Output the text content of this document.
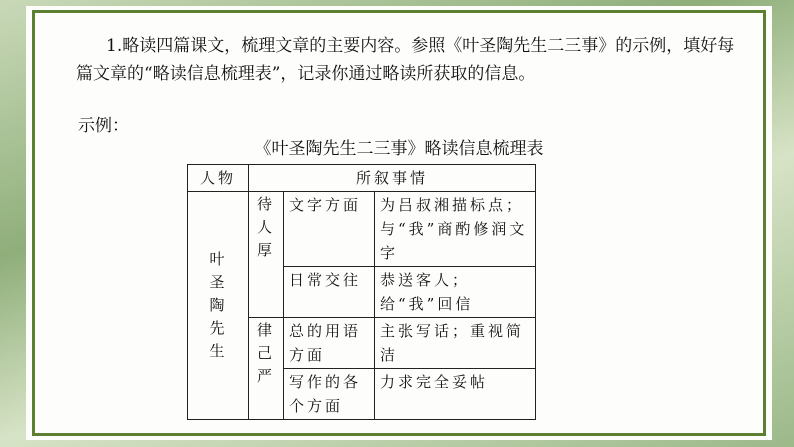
1.略读四篇课文，梳理文章的主要内容。参照《叶圣陶先生二三事》的示例，填好每篇文章的“略读信息梳理表”，记录你通过略读所获取的信息。
示例：
《叶圣陶先生二三事》略读信息梳理表
人物	所叙事情		

叶圣陶先生	待人厚	文字方面	为吕叔湘描标点；与“我”商酌修润文字
		日常交往	恭送客人；给“我”回信

	律己严	总的用语方面	主张写话；重视简洁
		写作的各个方面	力求完全妥帖
